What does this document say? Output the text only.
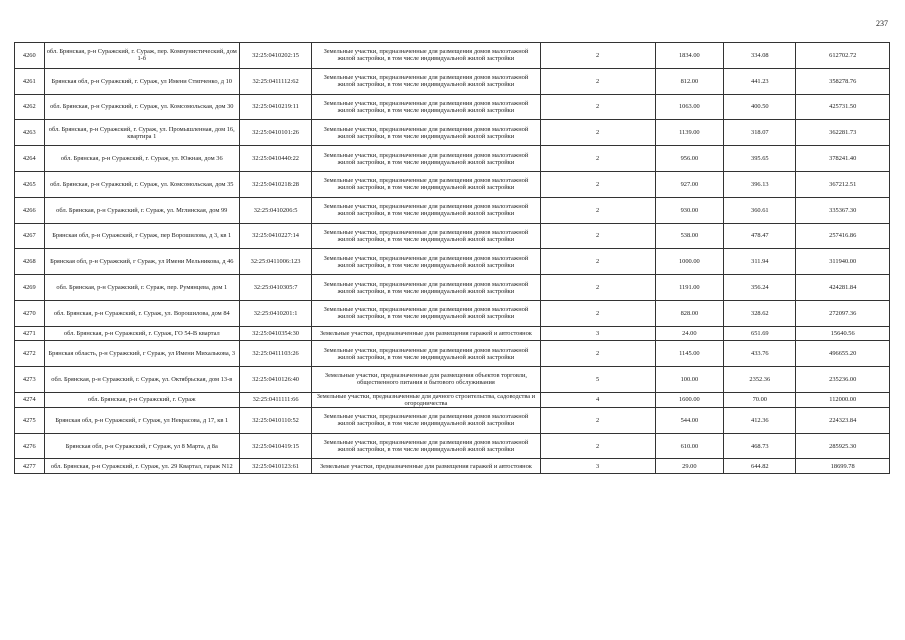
237
4260	обл. Брянская, р-н Суражский, г. Сураж, пер. Коммунистический, дом 1-б	32:25:0410202:15	Земельные участки, предназначенные для размещения домов малоэтажной жилой застройки, в том числе индивидуальной жилой застройки	2	1834.00	334.08	612702.72
4261	Брянская обл, р-н Суражский, г. Сураж, ул Имени Стипченко, д 10	32:25:0411112:62	Земельные участки, предназначенные для размещения домов малоэтажной жилой застройки, в том числе индивидуальной жилой застройки	2	812.00	441.23	358278.76
4262	обл. Брянская, р-н Суражский, г. Сураж, ул. Комсомольская, дом 30	32:25:0410219:11	Земельные участки, предназначенные для размещения домов малоэтажной жилой застройки, в том числе индивидуальной жилой застройки	2	1063.00	400.50	425731.50
4263	обл. Брянская, р-н Суражский, г. Сураж, ул. Промышленная, дом 16, квартира 1	32:25:0410101:26	Земельные участки, предназначенные для размещения домов малоэтажной жилой застройки, в том числе индивидуальной жилой застройки	2	1139.00	318.07	362281.73
4264	обл. Брянская, р-н Суражский, г. Сураж, ул. Южная, дом 36	32:25:0410440:22	Земельные участки, предназначенные для размещения домов малоэтажной жилой застройки, в том числе индивидуальной жилой застройки	2	956.00	395.65	378241.40
4265	обл. Брянская, р-н Суражский, г. Сураж, ул. Комсомольская, дом 35	32:25:0410218:28	Земельные участки, предназначенные для размещения домов малоэтажной жилой застройки, в том числе индивидуальной жилой застройки	2	927.00	396.13	367212.51
4266	обл. Брянская, р-н Суражский, г. Сураж, ул. Мглинская, дом 99	32:25:0410206:5	Земельные участки, предназначенные для размещения домов малоэтажной жилой застройки, в том числе индивидуальной жилой застройки	2	930.00	360.61	335367.30
4267	Брянская обл, р-н Суражский, г Сураж, пер Ворошилова, д 3, кв 1	32:25:0410227:14	Земельные участки, предназначенные для размещения домов малоэтажной жилой застройки, в том числе индивидуальной жилой застройки	2	538.00	478.47	257416.86
4268	Брянская обл, р-н Суражский, г Сураж, ул Имени Мельникова, д 46	32:25:0411006:123	Земельные участки, предназначенные для размещения домов малоэтажной жилой застройки, в том числе индивидуальной жилой застройки	2	1000.00	311.94	311940.00
4269	обл. Брянская, р-н Суражский, г. Сураж, пер. Румянцева, дом 1	32:25:0410305:7	Земельные участки, предназначенные для размещения домов малоэтажной жилой застройки, в том числе индивидуальной жилой застройки	2	1191.00	356.24	424281.84
4270	обл. Брянская, р-н Суражский, г. Сураж, ул. Ворошилова, дом 84	32:25:0410201:1	Земельные участки, предназначенные для размещения домов малоэтажной жилой застройки, в том числе индивидуальной жилой застройки	2	828.00	328.62	272097.36
4271	обл. Брянская, р-н Суражский, г. Сураж, ГО 54-В квартал	32:25:0410354:30	Земельные участки, предназначенные для размещения гаражей и автостоянок	3	24.00	651.69	15640.56
4272	Брянская область, р-н Суражский, г Сураж, ул Имени Михалькова, 3	32:25:0411103:26	Земельные участки, предназначенные для размещения домов малоэтажной жилой застройки, в том числе индивидуальной жилой застройки	2	1145.00	433.76	496655.20
4273	обл. Брянская, р-н Суражский, г. Сураж, ул. Октябрьская, дом 13-в	32:25:0410126:40	Земельные участки, предназначенные для размещения объектов торговли, общественного питания и бытового обслуживания	5	100.00	2352.36	235236.00
4274	обл. Брянская, р-н Суражский, г. Сураж	32:25:0411111:66	Земельные участки, предназначенные для дачного строительства, садоводства и огородничества	4	1600.00	70.00	112000.00
4275	Брянская обл, р-н Суражский, г Сураж, ул Некрасова, д 17, кв 1	32:25:0410110:52	Земельные участки, предназначенные для размещения домов малоэтажной жилой застройки, в том числе индивидуальной жилой застройки	2	544.00	412.36	224323.84
4276	Брянская обл, р-н Суражский, г Сураж, ул 8 Марта, д 8а	32:25:0410419:15	Земельные участки, предназначенные для размещения домов малоэтажной жилой застройки, в том числе индивидуальной жилой застройки	2	610.00	468.73	285925.30
4277	обл. Брянская, р-н Суражский, г. Сураж, ул. 29 Квартал, гараж N12	32:25:0410123:61	Земельные участки, предназначенные для размещения гаражей и автостоянок	3	29.00	644.82	18699.78
